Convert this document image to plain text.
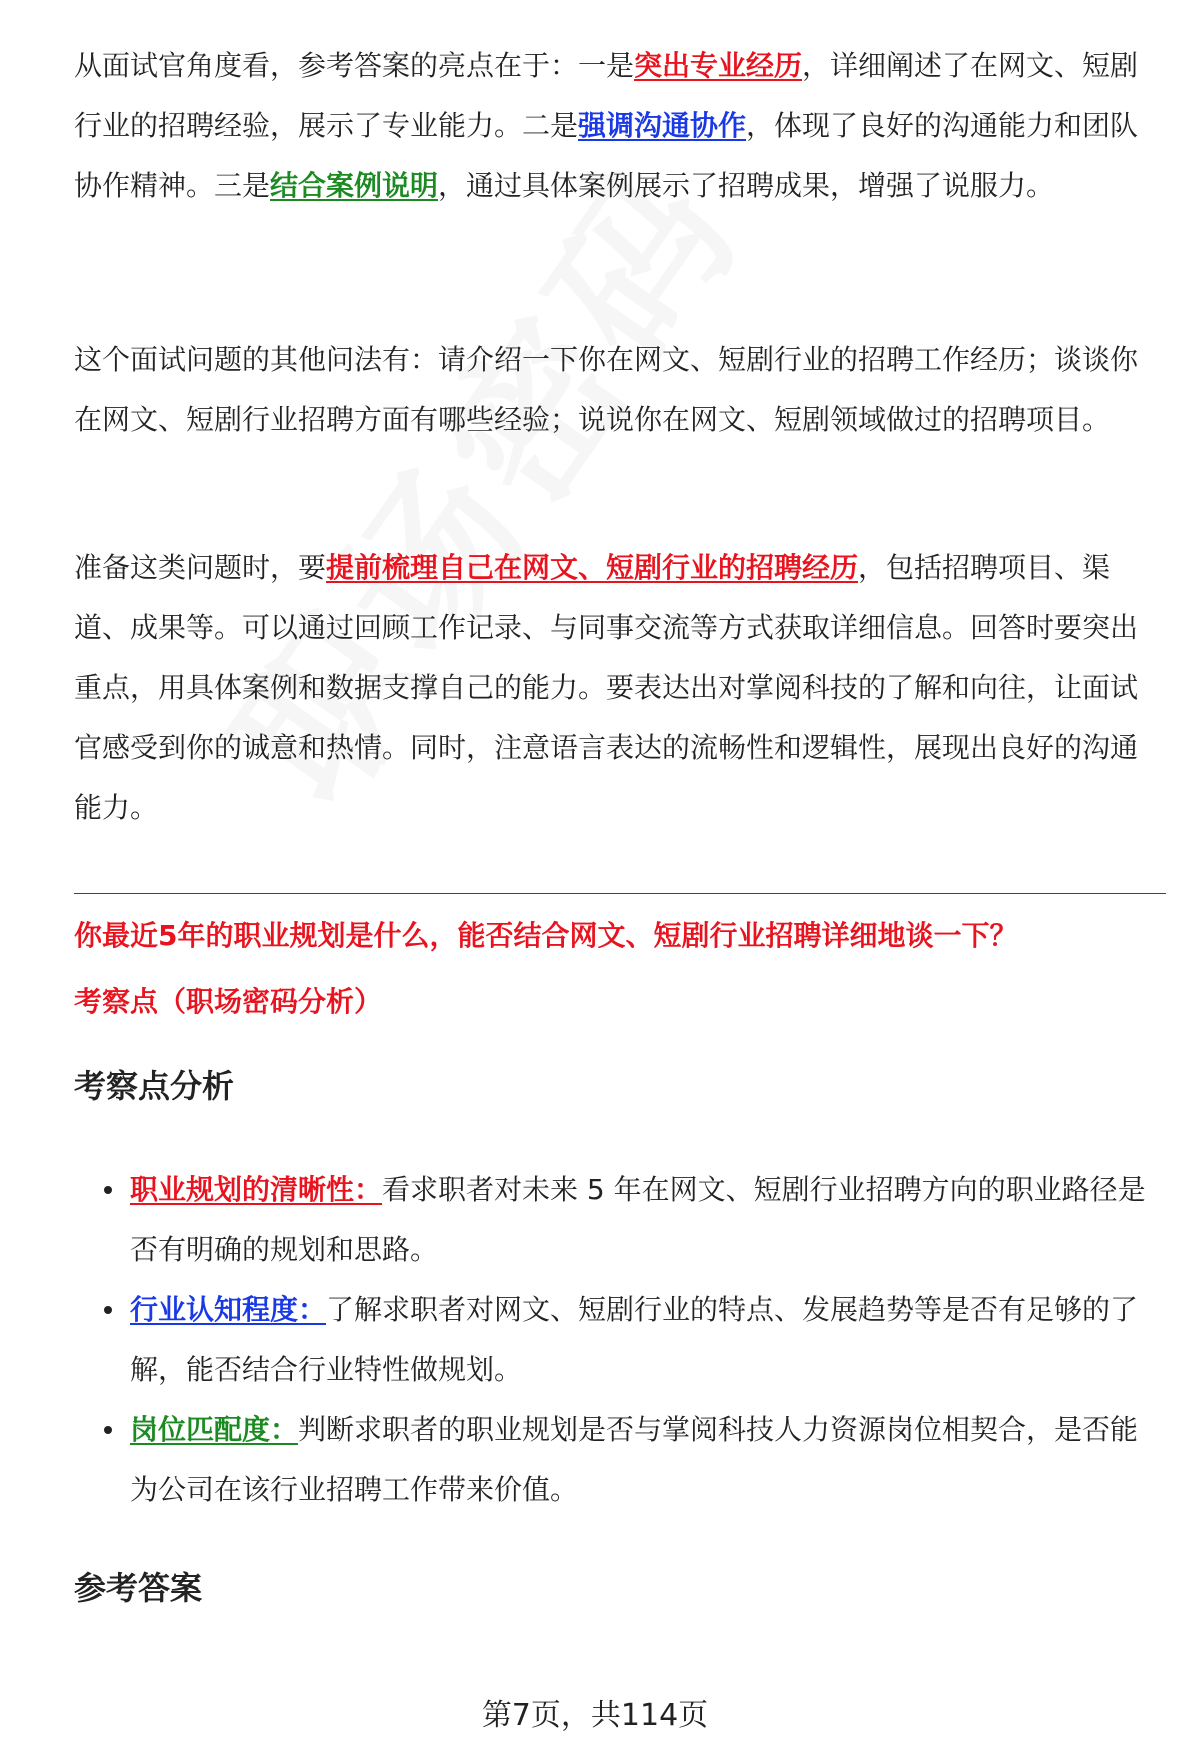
从面试官角度看，参考答案的亮点在于：一是突出专业经历，详细阐述了在网文、短剧行业的招聘经验，展示了专业能力。二是强调沟通协作，体现了良好的沟通能力和团队协作精神。三是结合案例说明，通过具体案例展示了招聘成果，增强了说服力。

这个面试问题的其他问法有：请介绍一下你在网文、短剧行业的招聘工作经历；谈谈你在网文、短剧行业招聘方面有哪些经验；说说你在网文、短剧领域做过的招聘项目。

准备这类问题时，要提前梳理自己在网文、短剧行业的招聘经历，包括招聘项目、渠道、成果等。可以通过回顾工作记录、与同事交流等方式获取详细信息。回答时要突出重点，用具体案例和数据支撑自己的能力。要表达出对掌阅科技的了解和向往，让面试官感受到你的诚意和热情。同时，注意语言表达的流畅性和逻辑性，展现出良好的沟通能力。

你最近5年的职业规划是什么，能否结合网文、短剧行业招聘详细地谈一下？
考察点（职场密码分析）
考察点分析
职业规划的清晰性：看求职者对未来 5 年在网文、短剧行业招聘方向的职业路径是否有明确的规划和思路。
行业认知程度：了解求职者对网文、短剧行业的特点、发展趋势等是否有足够的了解，能否结合行业特性做规划。
岗位匹配度：判断求职者的职业规划是否与掌阅科技人力资源岗位相契合，是否能为公司在该行业招聘工作带来价值。
参考答案
第7页，共114页
